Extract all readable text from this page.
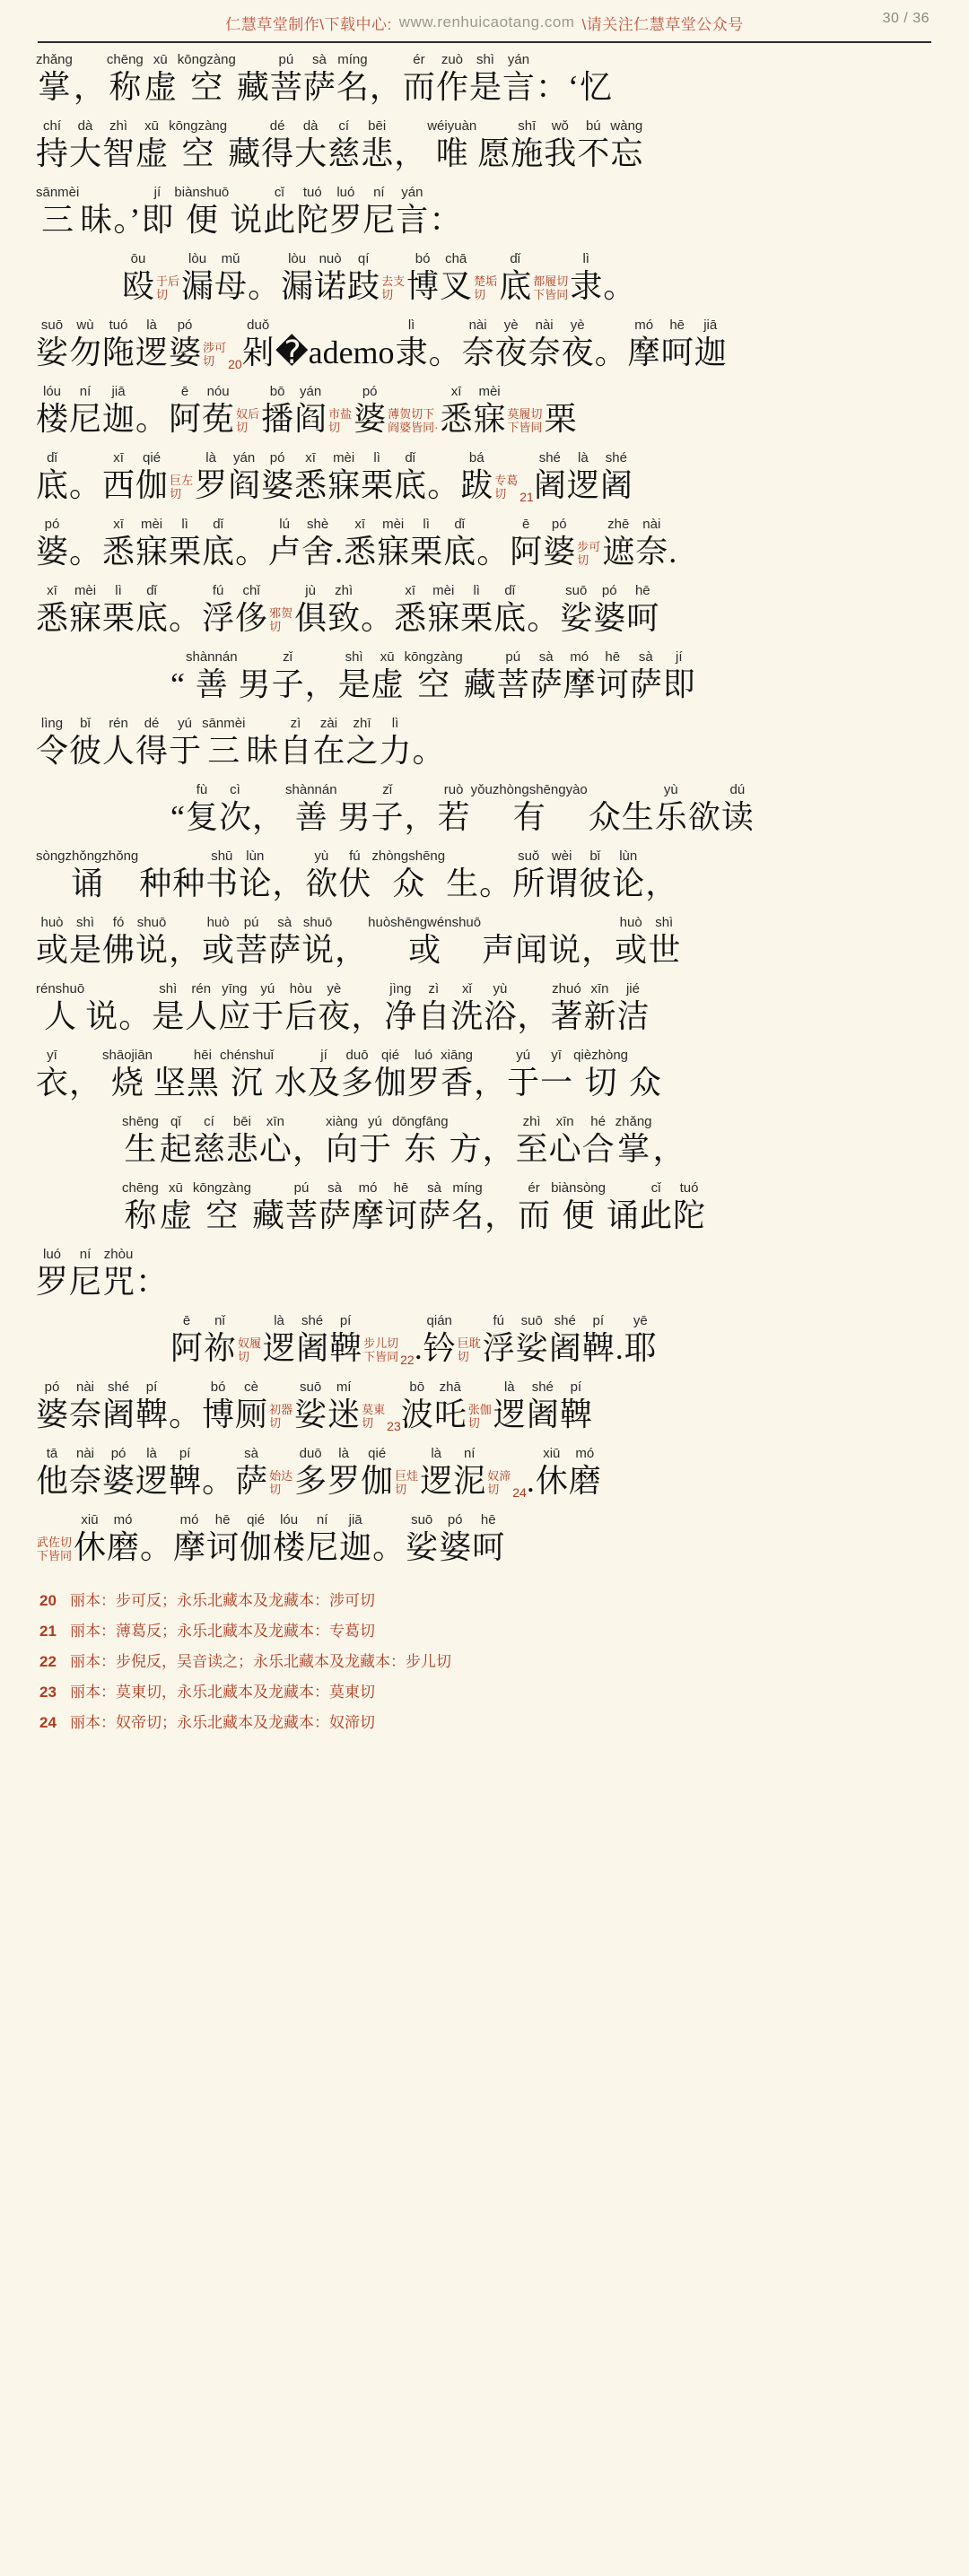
仁慧草堂制作\下载中心: www.renhuicaotang.com \请关注仁慧草堂公众号	30 / 36
zhǎng
掌 ，
chēng
称
xū
虚
kōngzàng
空 藏
pú
菩
sà
萨
míng
名 ，
ér
而
zuò
作
shì
是
yán
言 ：‘ 忆
chí
持
dà
大
zhì
智
xū
虚
kōngzàng
空 藏
dé
得
dà
大
cí
慈
bēi
悲 ，
wéiyuàn
唯 愿
shī
施
wǒ
我
bú
不
wàng
忘
sānmèi
三 昧 。’
jí
即
biànshuō
便 说
cǐ
此
tuó
陀
luó
罗
ní
尼
yán
言 ：
ōu
殴 于后
切
lòu
漏
mǔ
母 。
lòu
漏
nuò
诺
qí
跂 去支
切
bó
博
chā
叉 楚垢
切
dǐ
底 都履切
下皆同
lì
隶 。
suō
娑
wù
勿
tuó
陁
là
逻
pó
婆 涉可
切	20
duǒ
剁 �ademo
lì
隶 。
nài
奈
yè
夜
nài
奈
yè
夜 。
mó
摩
hē
呵
jiā
迦
lóu
楼
ní
尼
jiā
迦 。
ē
阿
nóu
莬 奴后
切
bō
播
yán
阎 市盐
切
pó
婆 薄贺切下
阎婆皆同·
xī
悉
mèi
寐 莫履切
下皆同 栗
dǐ
底 。
xī
西
qié
伽 巨左
切
là
罗
yán
阎
pó
婆
xī
悉
mèi
寐
lì
栗
dǐ
底 。
bá
跋 专葛
切	21
shé
阇
là
逻
shé
阇
pó
婆 。
xī
悉
mèi
寐
lì
栗
dǐ
底 。
lú
卢
shè
舍 .
xī
悉
mèi
寐
lì
栗
dǐ
底 。
ē
阿
pó
婆 步可
切
zhē
遮
nài
奈 .
xī
悉
mèi
寐
lì
栗
dǐ
底 。
fú
浮
chǐ
侈 邪贺
切
jù
俱
zhì
致 。
xī
悉
mèi
寐
lì
栗
dǐ
底 。
suō
娑
pó
婆
hē
呵
“
shànnán
善 男
zǐ
子 ，
shì
是
xū
虚
kōngzàng
空 藏
pú
菩
sà
萨
mó
摩
hē
诃
sà
萨
jí
即
lìng
令
bǐ
彼
rén
人
dé
得
yú
于
sānmèi
三 昧
zì
自
zài
在
zhī
之
lì
力 。
“
fù
复
cì
次 ，
shànnán
善 男
zǐ
子 ，
ruò
若
yǒuzhòngshēngyào
有 众 生
yù
乐 欲
dú
读
sòngzhǒngzhǒng
诵 种 种
shū
书
lùn
论 ，
yù
欲
fú
伏
zhòngshēng
众 生 。
suǒ
所
wèi
谓
bǐ
彼
lùn
论 ，
huò
或
shì
是
fó
佛
shuō
说 ，
huò
或
pú
菩
sà
萨
shuō
说 ，
huòshēngwénshuō
或 声 闻 说 ，
huò
或
shì
世
rénshuō
人 说 。
shì
是
rén
人
yīng
应
yú
于
hòu
后
yè
夜 ，
jìng
净
zì
自
xǐ
洗
yù
浴 ，
zhuó
著
xīn
新
jié
洁
yī
衣 ，
shāojiān
烧 坚
hēi
黑
chénshuǐ
沉 水
jí
及
duō
多
qié
伽
luó
罗
xiāng
香 ，
yú
于
yī
一
qièzhòng
切 众
shēng
生
qǐ
起
cí
慈
bēi
悲
xīn
心 ，
xiàng
向
yú
于
dōngfāng
东 方 ，
zhì
至
xīn
心
hé
合
zhǎng
掌 ，
chēng
称
xū
虚
kōngzàng
空 藏
pú
菩
sà
萨
mó
摩
hē
诃
sà
萨
míng
名 ，
ér
而
biànsòng
便 诵
cǐ
此
tuó
陀
luó
罗
ní
尼
zhòu
咒 ：
ē
阿
nǐ
祢 奴履
切
là
逻
shé
阇
pí
鞞 步儿切
下皆同 22 .
qián
钤 巨耽
切
fú
浮
suō
娑
shé
阇
pí
鞞 .
yē
耶
pó
婆
nài
奈
shé
阇
pí
鞞 。
bó
博
cè
厕 初器
切
suō
娑
mí
迷 莫東
切	23
bō
波
zhā
吒 张伽
切
là
逻
shé
阇
pí
鞞
tā
他
nài
奈
pó
婆
là
逻
pí
鞞 。
sà
萨 始达
切
duō
多
là
罗
qié
伽 巨烓
切
là
逻
ní
泥 奴渧
切	24 .
xiū
休
mó
磨
武佐切
下皆同
xiū
休
mó
磨 。
mó
摩
hē
诃
qié
伽
lóu
楼
ní
尼
jiā
迦 。
suō
娑
pó
婆
hē
呵
20 丽本：步可反；永乐北藏本及龙藏本：涉可切
21 丽本：薄葛反；永乐北藏本及龙藏本：专葛切
22 丽本：步倪反，吴音读之；永乐北藏本及龙藏本：步儿切
23 丽本：莫東切，永乐北藏本及龙藏本：莫東切
24 丽本：奴帝切；永乐北藏本及龙藏本：奴渧切
